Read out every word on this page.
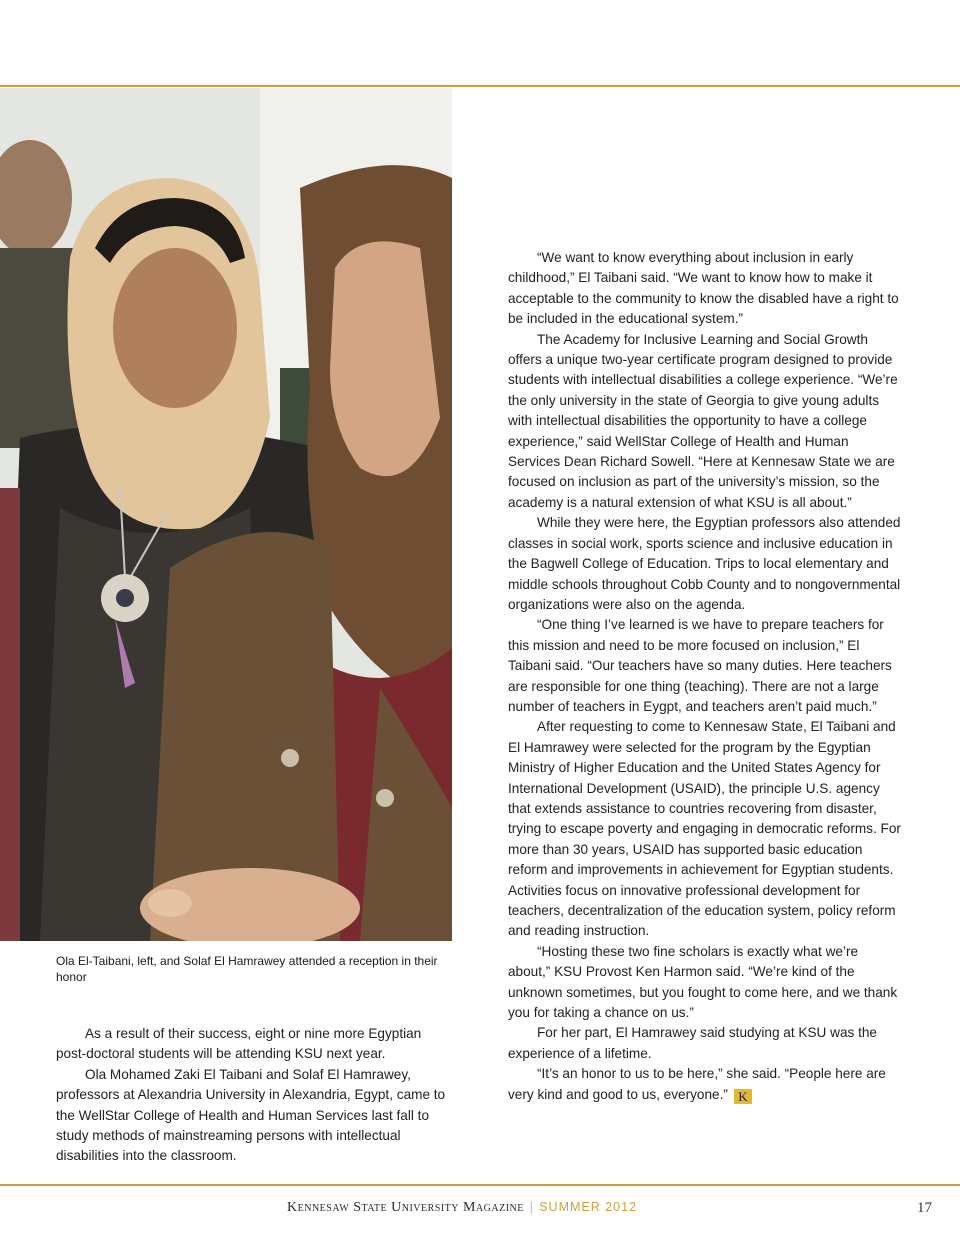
Ola El-Taibani, left, and Solaf El Hamrawey attended a reception in their honor

As a result of their success, eight or nine more Egyptian post-doctoral students will be attending KSU next year.

Ola Mohamed Zaki El Taibani and Solaf El Hamrawey, professors at Alexandria University in Alexandria, Egypt, came to the WellStar College of Health and Human Services last fall to study methods of mainstreaming persons with intellectual disabilities into the classroom.

“We want to know everything about inclusion in early childhood,” El Taibani said. “We want to know how to make it acceptable to the community to know the disabled have a right to be included in the educational system.”

The Academy for Inclusive Learning and Social Growth offers a unique two-year certificate program designed to provide students with intellectual disabilities a college experience. “We’re the only university in the state of Georgia to give young adults with intellectual disabilities the opportunity to have a college experience,” said WellStar College of Health and Human Services Dean Richard Sowell. “Here at Kennesaw State we are focused on inclusion as part of the university’s mission, so the academy is a natural extension of what KSU is all about.”

While they were here, the Egyptian professors also attended classes in social work, sports science and inclusive education in the Bagwell College of Education. Trips to local elementary and middle schools throughout Cobb County and to nongovernmental organizations were also on the agenda.

“One thing I’ve learned is we have to prepare teachers for this mission and need to be more focused on inclusion,” El Taibani said. “Our teachers have so many duties. Here teachers are responsible for one thing (teaching). There are not a large number of teachers in Eygpt, and teachers aren’t paid much.”

After requesting to come to Kennesaw State, El Taibani and El Hamrawey were selected for the program by the Egyptian Ministry of Higher Education and the United States Agency for International Development (USAID), the principle U.S. agency that extends assistance to countries recovering from disaster, trying to escape poverty and engaging in democratic reforms. For more than 30 years, USAID has supported basic education reform and improvements in achievement for Egyptian students. Activities focus on innovative professional development for teachers, decentralization of the education system, policy reform and reading instruction.

“Hosting these two fine scholars is exactly what we’re about,” KSU Provost Ken Harmon said. “We’re kind of the unknown sometimes, but you fought to come here, and we thank you for taking a chance on us.”

For her part, El Hamrawey said studying at KSU was the experience of a lifetime.

“It’s an honor to us to be here,” she said. “People here are very kind and good to us, everyone.” K

Kennesaw State University Magazine | SUMMER 2012	17
